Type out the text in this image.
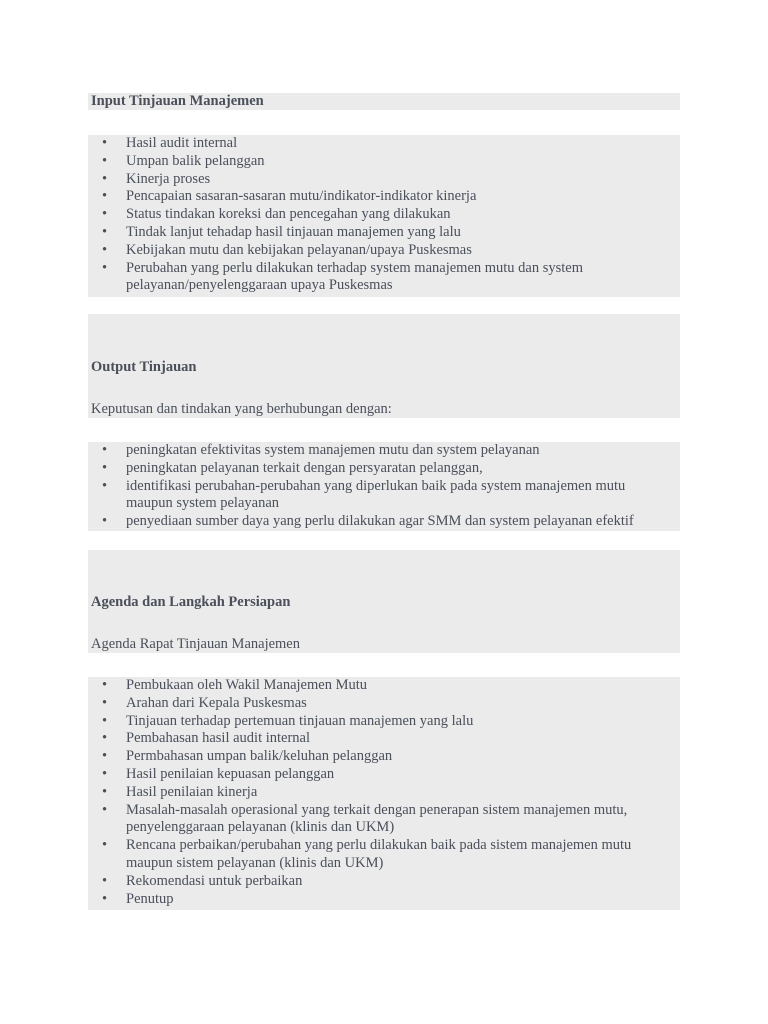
Input Tinjauan Manajemen
• Hasil audit internal
• Umpan balik pelanggan
• Kinerja proses
• Pencapaian sasaran-sasaran mutu/indikator-indikator kinerja
• Status tindakan koreksi dan pencegahan yang dilakukan
• Tindak lanjut tehadap hasil tinjauan manajemen yang lalu
• Kebijakan mutu dan kebijakan pelayanan/upaya Puskesmas
• Perubahan yang perlu dilakukan terhadap system manajemen mutu dan system pelayanan/penyelenggaraan upaya Puskesmas
Output Tinjauan

Keputusan dan tindakan yang berhubungan dengan:

• peningkatan efektivitas system manajemen mutu dan system pelayanan
• peningkatan pelayanan terkait dengan persyaratan pelanggan,
• identifikasi perubahan-perubahan yang diperlukan baik pada system manajemen mutu maupun system pelayanan
• penyediaan sumber daya yang perlu dilakukan agar SMM dan system pelayanan efektif
Agenda dan Langkah Persiapan

Agenda Rapat Tinjauan Manajemen

• Pembukaan oleh Wakil Manajemen Mutu
• Arahan dari Kepala Puskesmas
• Tinjauan terhadap pertemuan tinjauan manajemen yang lalu
• Pembahasan hasil audit internal
• Permbahasan umpan balik/keluhan pelanggan
• Hasil penilaian kepuasan pelanggan
• Hasil penilaian kinerja
• Masalah-masalah operasional yang terkait dengan penerapan sistem manajemen mutu, penyelenggaraan pelayanan (klinis dan UKM)
• Rencana perbaikan/perubahan yang perlu dilakukan baik pada sistem manajemen mutu maupun sistem pelayanan (klinis dan UKM)
• Rekomendasi untuk perbaikan
• Penutup
